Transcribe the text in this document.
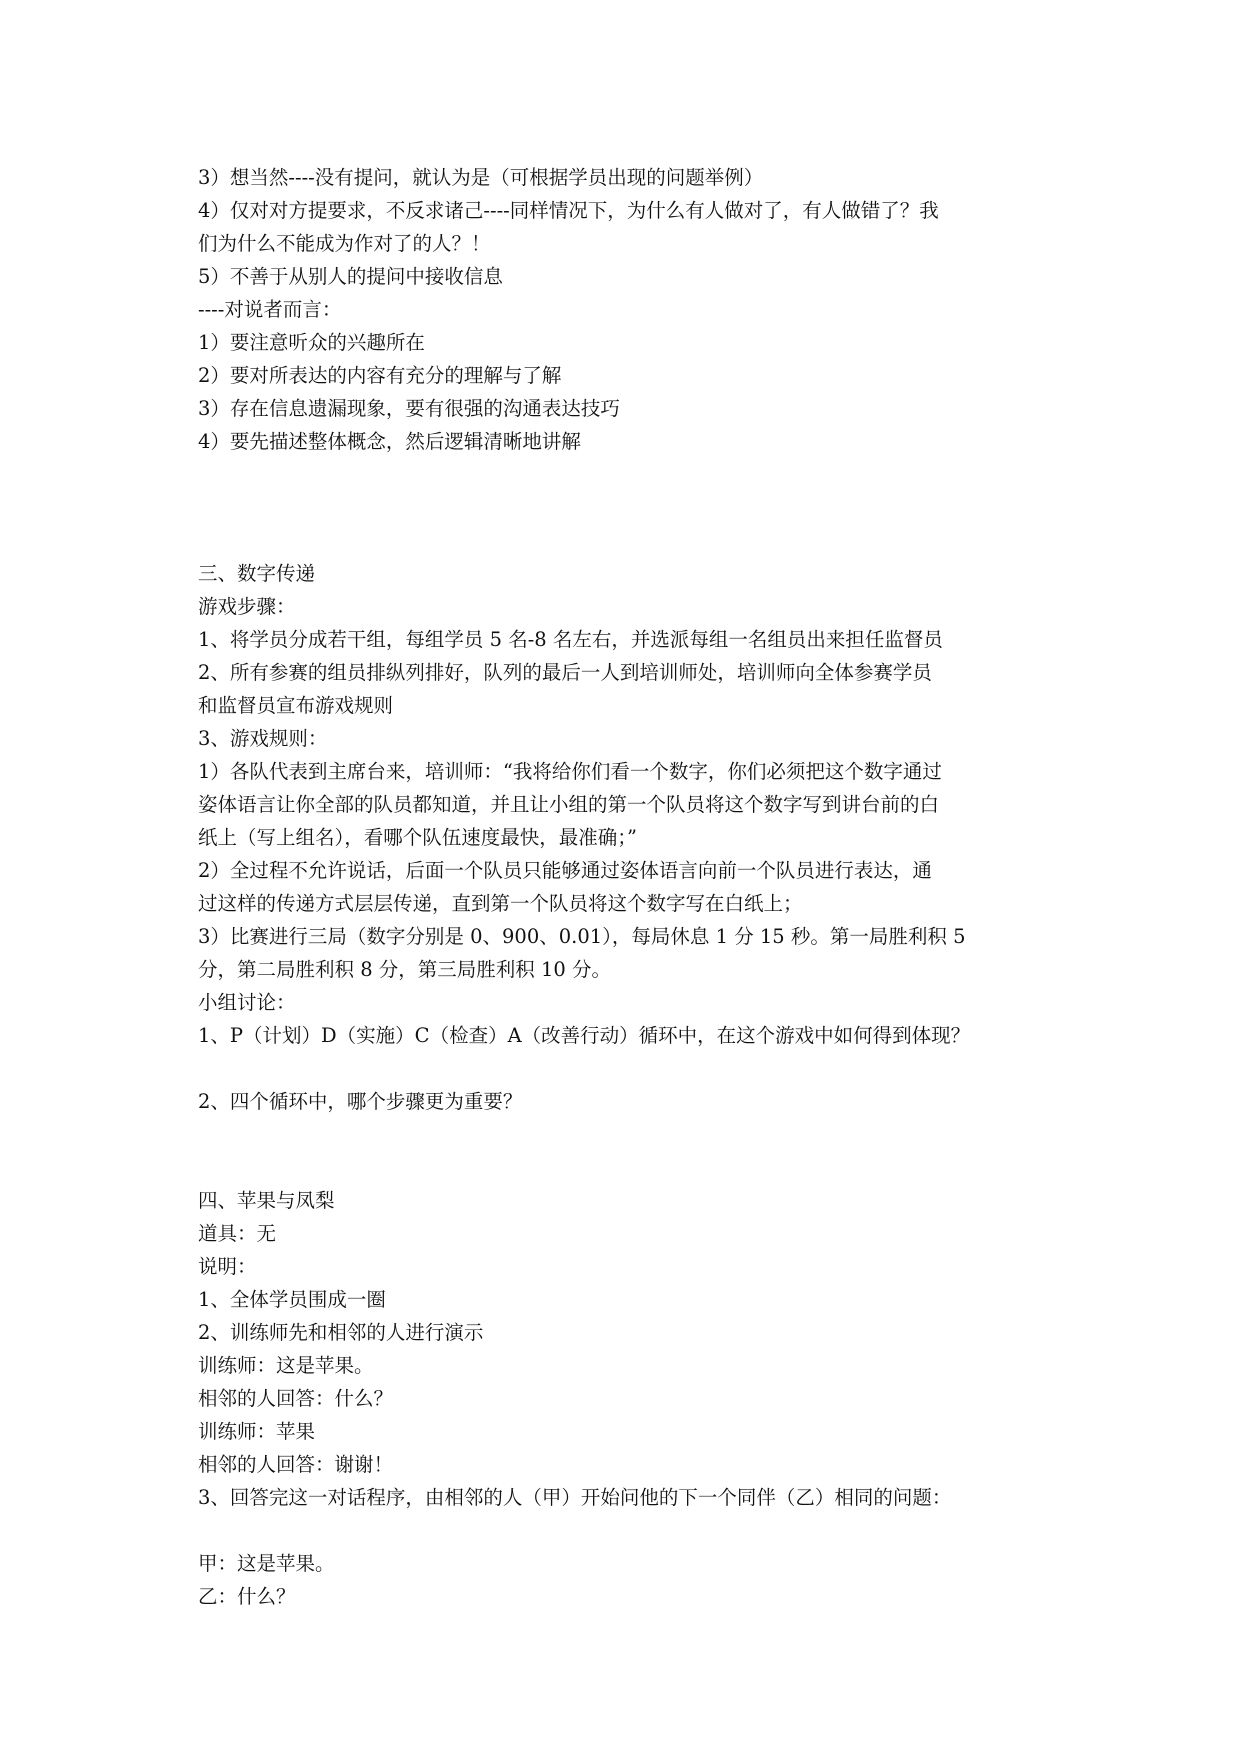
3）想当然----没有提问，就认为是（可根据学员出现的问题举例）
4）仅对对方提要求，不反求诸己----同样情况下，为什么有人做对了，有人做错了？我
们为什么不能成为作对了的人？！
5）不善于从别人的提问中接收信息
----对说者而言：
1）要注意听众的兴趣所在
2）要对所表达的内容有充分的理解与了解
3）存在信息遗漏现象，要有很强的沟通表达技巧
4）要先描述整体概念，然后逻辑清晰地讲解
三、数字传递
游戏步骤：
1、将学员分成若干组，每组学员 5 名-8 名左右，并选派每组一名组员出来担任监督员
2、所有参赛的组员排纵列排好，队列的最后一人到培训师处，培训师向全体参赛学员
和监督员宣布游戏规则
3、游戏规则：
1）各队代表到主席台来，培训师：“我将给你们看一个数字，你们必须把这个数字通过
姿体语言让你全部的队员都知道，并且让小组的第一个队员将这个数字写到讲台前的白
纸上（写上组名），看哪个队伍速度最快，最准确；”
2）全过程不允许说话，后面一个队员只能够通过姿体语言向前一个队员进行表达，通
过这样的传递方式层层传递，直到第一个队员将这个数字写在白纸上；
3）比赛进行三局（数字分别是 0、900、0.01），每局休息 1 分 15 秒。第一局胜利积 5
分，第二局胜利积 8 分，第三局胜利积 10 分。
小组讨论：
1、P（计划）D（实施）C（检查）A（改善行动）循环中，在这个游戏中如何得到体现？
2、四个循环中，哪个步骤更为重要？
四、苹果与凤梨
道具：无
说明：
1、全体学员围成一圈
2、训练师先和相邻的人进行演示
训练师：这是苹果。
相邻的人回答：什么？
训练师：苹果
相邻的人回答：谢谢！
3、回答完这一对话程序，由相邻的人（甲）开始问他的下一个同伴（乙）相同的问题：
甲：这是苹果。
乙：什么？
